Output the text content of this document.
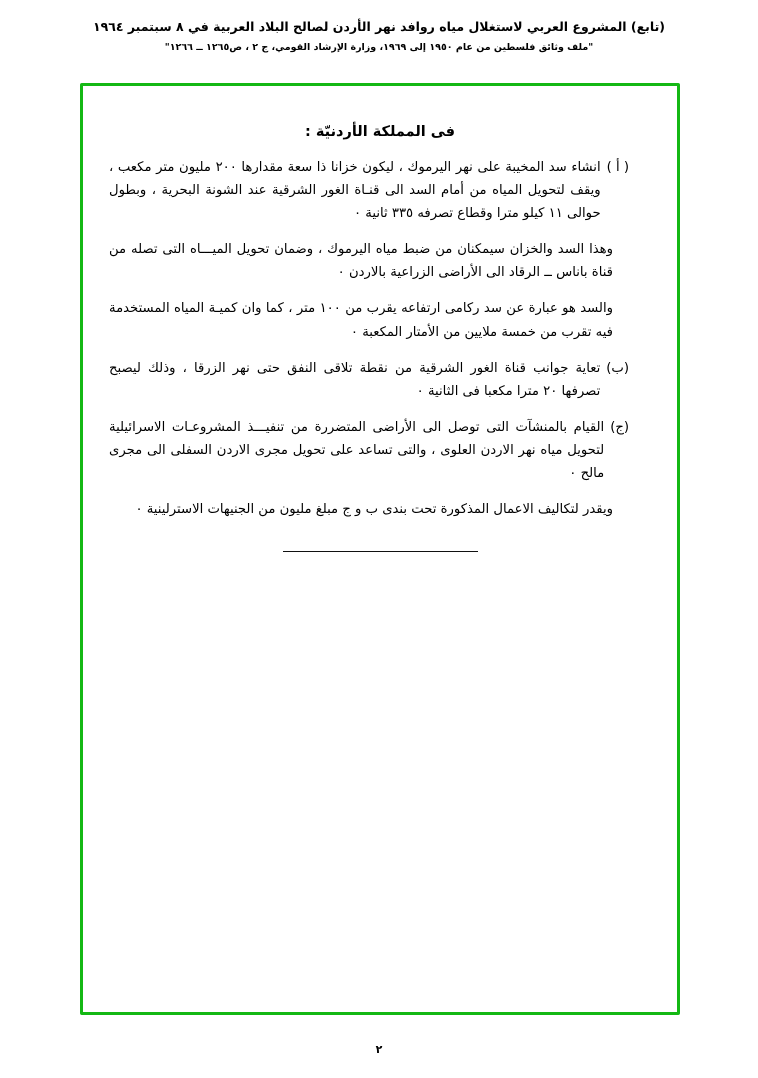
(تابع) المشروع العربي لاستغلال مياه روافد نهر الأردن لصالح البلاد العربية في ٨ سبتمبر ١٩٦٤
"ملف وثائق فلسطين من عام ١٩٥٠ إلى ١٩٦٩، وزارة الإرشاد القومي، ج ٢ ، ص١٢٦٥ ــ ١٢٦٦"
فى المملكة الأردنيّة :
( أ )
انشاء سد المخيبة على نهر اليرموك ، ليكون خزانا ذا سعة مقدارها ٢٠٠ مليون متر مكعب ، ويقف لتحويل المياه من أمام السد الى قنـاة الغور الشرقية عند الشونة البحرية ، وبطول حوالى ١١ كيلو مترا وقطاع تصرفه ٣٣٥ ثانية ٠
وهذا السد والخزان سيمكنان من ضبط مياه اليرموك ، وضمان تحويل الميـــاه التى تصله من قناة باناس ــ الرقاد الى الأراضى الزراعية بالاردن ٠
والسد هو عبارة عن سد ركامى ارتفاعه يقرب من ١٠٠ متر ، كما وان كميـة المياه المستخدمة فيه تقرب من خمسة ملايين من الأمتار المكعبة ٠
(ب)
تعاية جوانب قناة الغور الشرقية من نقطة تلاقى النفق حتى نهر الزرقا ، وذلك ليصبح تصرفها ٢٠ مترا مكعبا فى الثانية ٠
(ج)
القيام بالمنشآت التى توصل الى الأراضى المتضررة من تنفيـــذ المشروعـات الاسرائيلية لتحويل مياه نهر الاردن العلوى ، والتى تساعد على تحويل مجرى الاردن السفلى الى مجرى مالح ٠
ويقدر لتكاليف الاعمال المذكورة تحت بندى ب و ج مبلغ مليون من الجنيهات الاسترلينية ٠
٢
